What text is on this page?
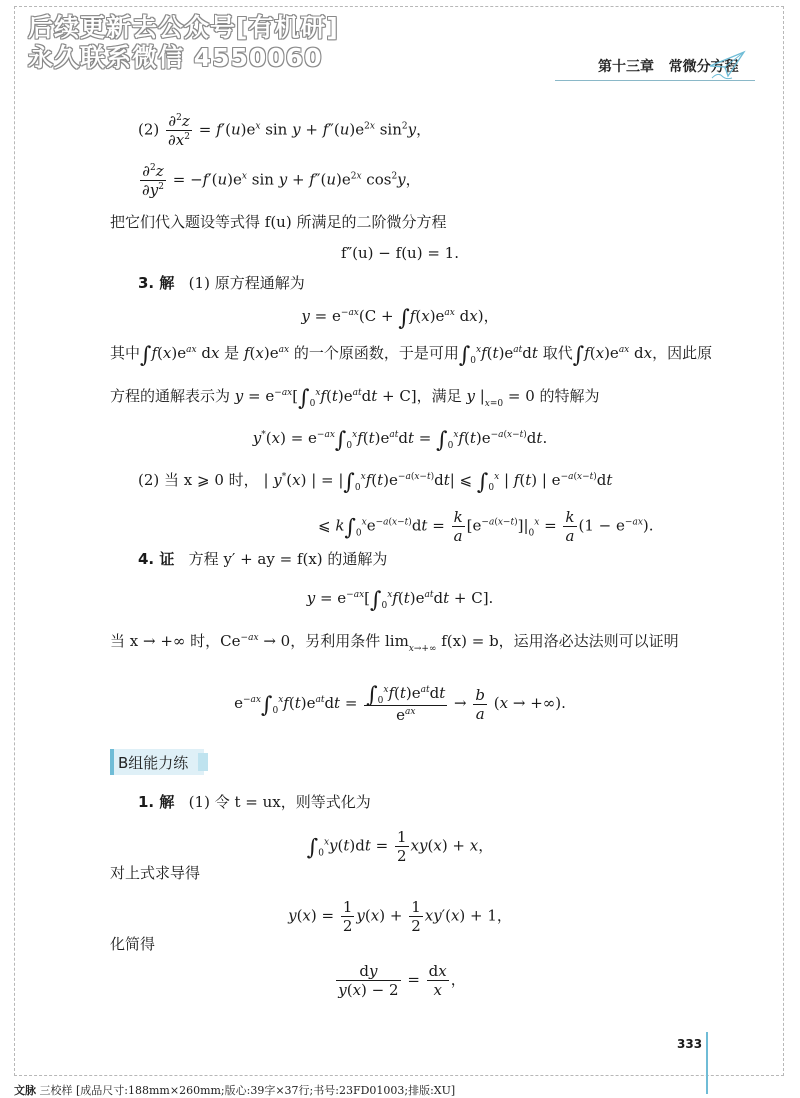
后续更新去公众号[有机研]
永久联系微信 4550060	第十三章 常微分方程
$(2) \frac{\partial^2z}{\partial x^2} = f'(u)e^x$ $\sin y + f''(u)e^{2x}$ $\sin^2y$，
$\frac{\partial^2z}{\partial y^2} = -f'(u)e^x$ $\sin y + f''(u)e^{2x}$ $\cos^2y$，
把它们代入题设等式得 f(u) 所满足的二阶微分方程
f″(u) − f(u) = 1.
3. 解 (1) 原方程通解为
$y = e^{-ax}(C + \int f(x)e^{ax}$ dx)，
其中$\int f(x)e^{ax}$ dx 是 $f(x)e^{ax}$ 的一个原函数，于是可用$\int_0^xf(t)e^{at}dt$ 取代$\int f(x)e^{ax}$ dx，因此原
方程的通解表示为 $y = e^{-ax}[\int_0^xf(t)e^{at}dt + C]$，满足 y $|_{x=0} = 0$ 的特解为
$y^*(x) = e^{-ax}\int_0^xf(t)e^{at}dt = \int_0^xf(t)e^{-a(x-t)}dt$.
(2) 当 x ⩾ 0 时， | y*(x) | = $|\int_0^xf(t)e^{-a(x-t)}dt|$ ⩽ $\int_0^x$ | f(t) | $e^{-a(x-t)}dt$
⩽ $k\int_0^xe^{-a(x-t)}dt = \frac{k}{a} [e^{-a(x-t)}]|_0^x = \frac{k}{a} (1 - e^{-ax})$.
4. 证 方程 y′ + ay = f(x) 的通解为
$y = e^{-ax}[\int_0^xf(t)e^{at}dt + C]$.
当 x → +∞ 时，$Ce^{-ax} \to 0$，另利用条件 $\lim_{x\to+\infty} f(x) = b$，运用洛必达法则可以证明
$e^{-ax}\int_0^xf(t)e^{at}dt = \frac{\int_0^xf(t)e^{at}dt}{e^{ax}} \to \frac{b}{a} (x$ → +∞).
B组能力练
1. 解 (1) 令 t = ux，则等式化为
$\int_0^xy(t)dt = \frac{1}{2} xy(x) + x$，
对上式求导得
$y(x) = \frac{1}{2} y(x) + \frac{1}{2} xy'(x) + 1$，
化简得
$\frac{dy}{y(x) - 2} = \frac{dx}{x}$ ，
333
文脉 三校样 [成品尺寸:188mm×260mm;版心:39字×37行;书号:23FD01003;排版:XU]
